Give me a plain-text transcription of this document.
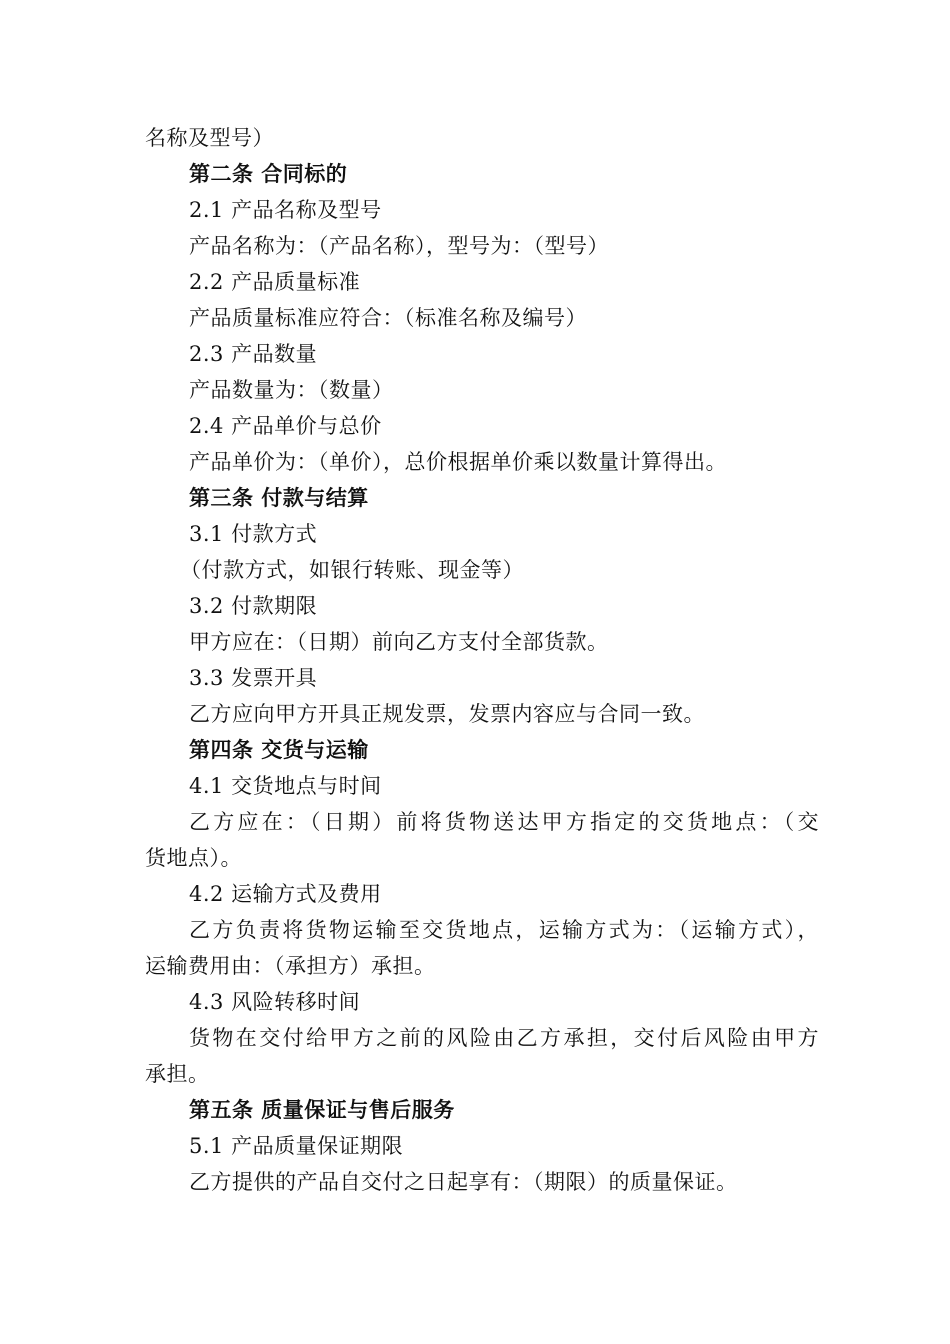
名称及型号）

第二条 合同标的

2.1 产品名称及型号

产品名称为：（产品名称），型号为：（型号）

2.2 产品质量标准

产品质量标准应符合：（标准名称及编号）

2.3 产品数量

产品数量为：（数量）

2.4 产品单价与总价

产品单价为：（单价），总价根据单价乘以数量计算得出。

第三条 付款与结算

3.1 付款方式

（付款方式，如银行转账、现金等）

3.2 付款期限

甲方应在：（日期）前向乙方支付全部货款。

3.3 发票开具

乙方应向甲方开具正规发票，发票内容应与合同一致。

第四条 交货与运输

4.1 交货地点与时间

乙方应在：（日期）前将货物送达甲方指定的交货地点：（交

货地点）。

4.2 运输方式及费用

乙方负责将货物运输至交货地点，运输方式为：（运输方式），

运输费用由：（承担方）承担。

4.3 风险转移时间

货物在交付给甲方之前的风险由乙方承担，交付后风险由甲方

承担。

第五条 质量保证与售后服务

5.1 产品质量保证期限

乙方提供的产品自交付之日起享有：（期限）的质量保证。
